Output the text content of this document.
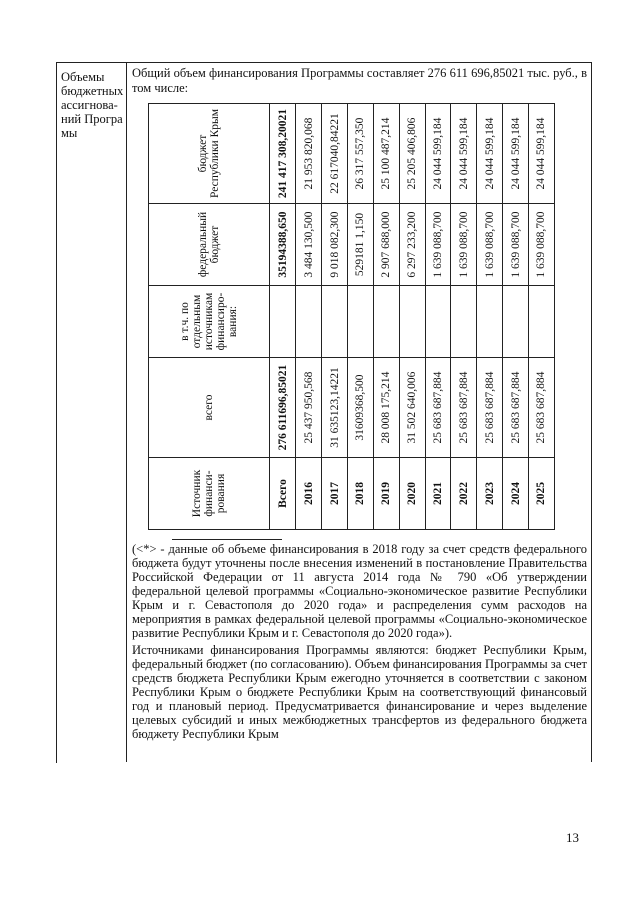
Объемы бюджетных ассигнова-ний Програ мы
Общий объем финансирования Программы составляет 276 611 696,85021 тыс. руб., в том числе:
Источник финанси-рования	всего	в т.ч. по отдельным источникам финансиро-вания:	федеральный бюджет	бюджет Республики Крым
Всего	276 611696,85021		35194388,650	241 417 308,20021
2016	25 437 950,568		3 484 130,500	21 953 820,068
2017	31 635123,14221		9 018 082,300	22 617040,84221
2018	31609368,500		529181 1,150	26 317 557,350
2019	28 008 175,214		2 907 688,000	25 100 487,214
2020	31 502 640,006		6 297 233,200	25 205 406,806
2021	25 683 687,884		1 639 088,700	24 044 599,184
2022	25 683 687,884		1 639 088,700	24 044 599,184
2023	25 683 687,884		1 639 088,700	24 044 599,184
2024	25 683 687,884		1 639 088,700	24 044 599,184
2025	25 683 687,884		1 639 088,700	24 044 599,184

(<*> - данные об объеме финансирования в 2018 году за счет средств федерального бюджета будут уточнены после внесения изменений в постановление Правительства Российской Федерации от 11 августа 2014 года № 790 «Об утверждении федеральной целевой программы «Социально-экономическое развитие Республики Крым и г. Севастополя до 2020 года» и распределения сумм расходов на мероприятия в рамках федеральной целевой программы «Социально-экономическое развитие Республики Крым и г. Севастополя до 2020 года»).

Источниками финансирования Программы являются: бюджет Республики Крым, федеральный бюджет (по согласованию). Объем финансирования Программы за счет средств бюджета Республики Крым ежегодно уточняется в соответствии с законом Республики Крым о бюджете Республики Крым на соответствующий финансовый год и плановый период. Предусматривается финансирование и через выделение целевых субсидий и иных межбюджетных трансфертов из федерального бюджета бюджету Республики Крым

13
